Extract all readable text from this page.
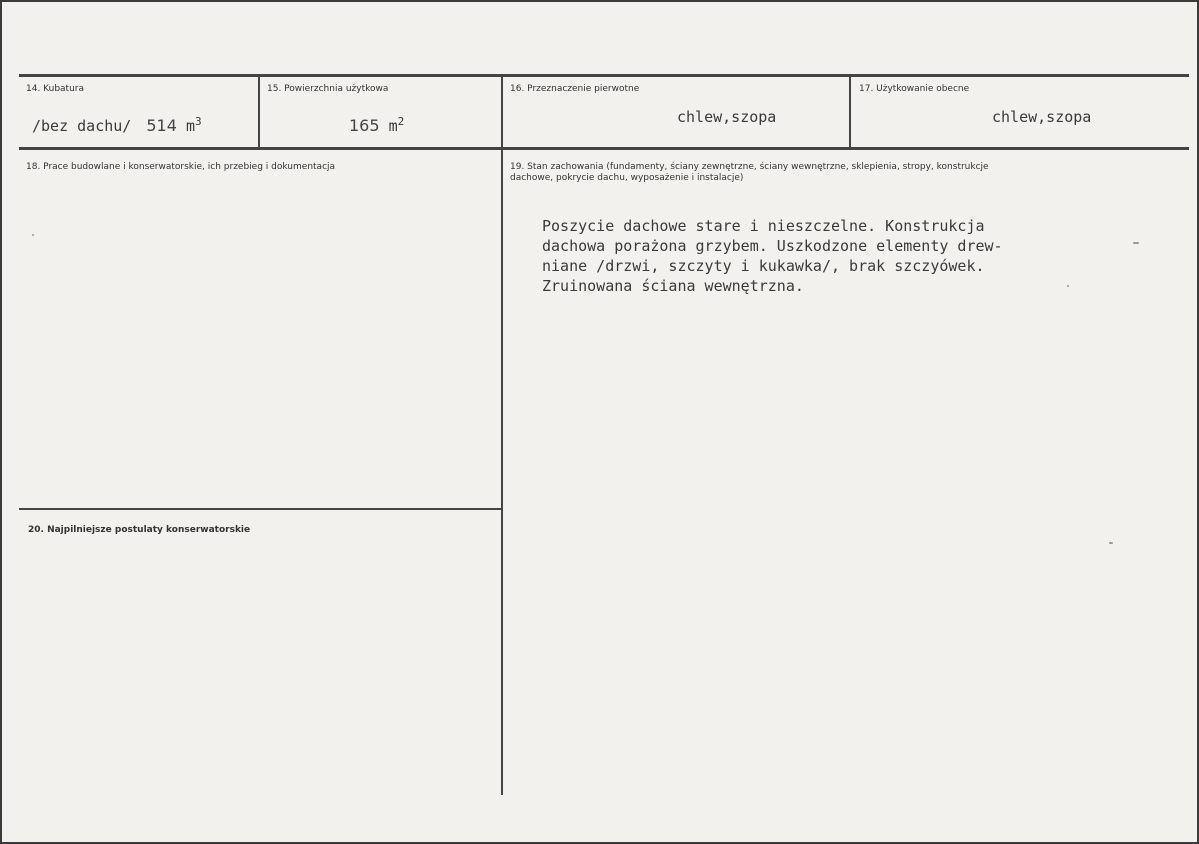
14. Kubatura
/bez dachu/ 514 $m^3$
15. Powierzchnia użytkowa
165 $m^2$
16. Przeznaczenie pierwotne
chlew,szopa
17. Użytkowanie obecne
chlew,szopa
18. Prace budowlane i konserwatorskie, ich przebieg i dokumentacja	19. Stan zachowania (fundamenty, ściany zewnętrzne, ściany wewnętrzne, sklepienia, stropy, konstrukcje dachowe, pokrycie dachu, wyposażenie i instalacje)
Poszycie dachowe stare i nieszczelne. Konstrukcja
dachowa porażona grzybem. Uszkodzone elementy drew-
niane /drzwi, szczyty i kukawka/, brak szczyówek.
Zruinowana ściana wewnętrzna.
20. Najpilniejsze postulaty konserwatorskie
